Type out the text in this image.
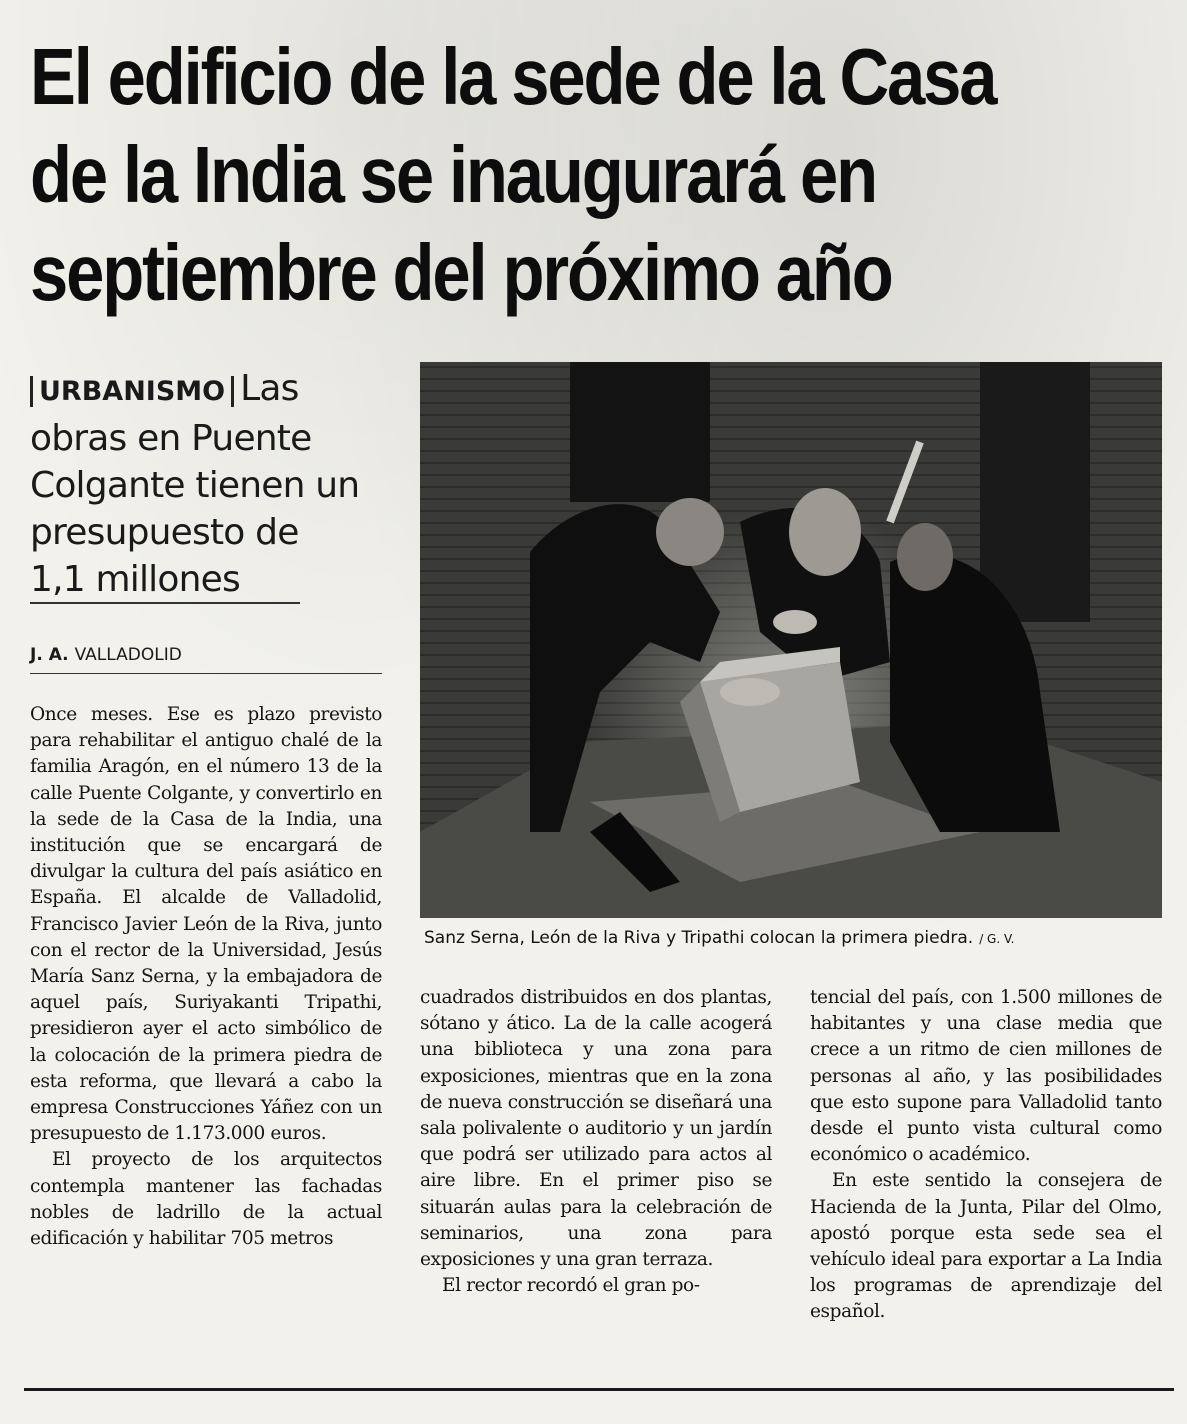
El edificio de la sede de la Casa
de la India se inaugurará en
septiembre del próximo año
URBANISMO Las obras en Puente Colgante tienen un presupuesto de 1,1 millones
J. A. VALLADOLID
Sanz Serna, León de la Riva y Tripathi colocan la primera piedra. / G. V.

Once meses. Ese es plazo previsto para rehabilitar el antiguo chalé de la familia Aragón, en el número 13 de la calle Puente Colgante, y convertirlo en la sede de la Casa de la India, una institución que se encargará de divulgar la cultura del país asiático en España. El alcalde de Valladolid, Francisco Javier León de la Riva, junto con el rector de la Universidad, Jesús María Sanz Serna, y la embajadora de aquel país, Suriyakanti Tripathi, presidieron ayer el acto simbólico de la colocación de la primera piedra de esta reforma, que llevará a cabo la empresa Construcciones Yáñez con un presupuesto de 1.173.000 euros.

El proyecto de los arquitectos contempla mantener las fachadas nobles de ladrillo de la actual edificación y habilitar 705 metros

cuadrados distribuidos en dos plantas, sótano y ático. La de la calle acogerá una biblioteca y una zona para exposiciones, mientras que en la zona de nueva construcción se diseñará una sala polivalente o auditorio y un jardín que podrá ser utilizado para actos al aire libre. En el primer piso se situarán aulas para la celebración de seminarios, una zona para exposiciones y una gran terraza.

El rector recordó el gran po-

tencial del país, con 1.500 millones de habitantes y una clase media que crece a un ritmo de cien millones de personas al año, y las posibilidades que esto supone para Valladolid tanto desde el punto vista cultural como económico o académico.

En este sentido la consejera de Hacienda de la Junta, Pilar del Olmo, apostó porque esta sede sea el vehículo ideal para exportar a La India los programas de aprendizaje del español.
